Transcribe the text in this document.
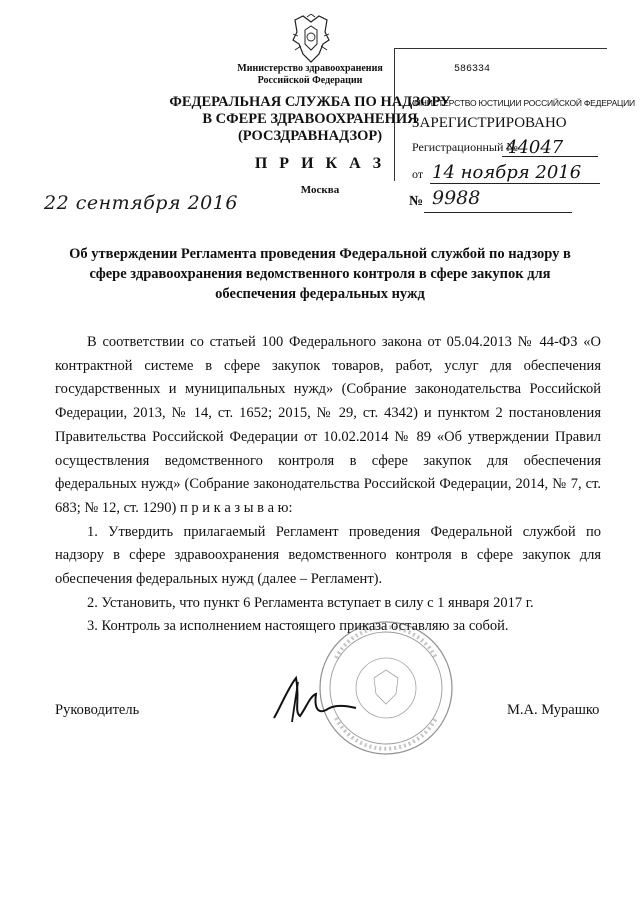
Министерство здравоохранения
Российской Федерации
ФЕДЕРАЛЬНАЯ СЛУЖБА ПО НАДЗОРУ
В СФЕРЕ ЗДРАВООХРАНЕНИЯ
(РОСЗДРАВНАДЗОР)
586334
МИНИСТЕРСТВО ЮСТИЦИИ РОССИЙСКОЙ ФЕДЕРАЦИИ
ЗАРЕГИСТРИРОВАНО
Регистрационный №
44047
от 14 ноября 2016
П Р И К А З
Москва
22 сентября 2016	№ 9988
Об утверждении Регламента проведения Федеральной службой по надзору в
сфере здравоохранения ведомственного контроля в сфере закупок для
обеспечения федеральных нужд

В соответствии со статьей 100 Федерального закона от 05.04.2013 № 44-ФЗ «О контрактной системе в сфере закупок товаров, работ, услуг для обеспечения государственных и муниципальных нужд» (Собрание законодательства Российской Федерации, 2013, № 14, ст. 1652; 2015, № 29, ст. 4342) и пунктом 2 постановления Правительства Российской Федерации от 10.02.2014 № 89 «Об утверждении Правил осуществления ведомственного контроля в сфере закупок для обеспечения федеральных нужд» (Собрание законодательства Российской Федерации, 2014, № 7, ст. 683; № 12, ст. 1290) п р и к а з ы в а ю:

1. Утвердить прилагаемый Регламент проведения Федеральной службой по надзору в сфере здравоохранения ведомственного контроля в сфере закупок для обеспечения федеральных нужд (далее – Регламент).

2. Установить, что пункт 6 Регламента вступает в силу с 1 января 2017 г.

3. Контроль за исполнением настоящего приказа оставляю за собой.

Руководитель	М.А. Мурашко
